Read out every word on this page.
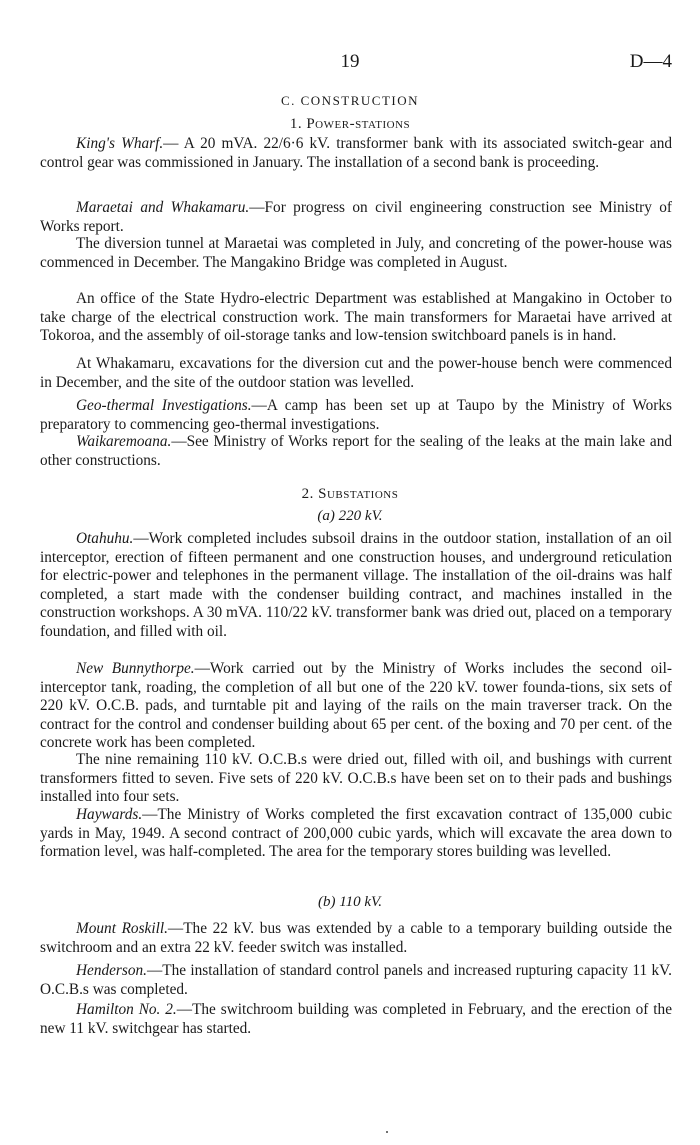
19	D—4
C. CONSTRUCTION
1. Power-stations

King's Wharf.— A 20 mVA. 22/6·6 kV. transformer bank with its associated switch-gear and control gear was commissioned in January. The installation of a second bank is proceeding.

Maraetai and Whakamaru.—For progress on civil engineering construction see Ministry of Works report.

The diversion tunnel at Maraetai was completed in July, and concreting of the power-house was commenced in December. The Mangakino Bridge was completed in August.

An office of the State Hydro-electric Department was established at Mangakino in October to take charge of the electrical construction work. The main transformers for Maraetai have arrived at Tokoroa, and the assembly of oil-storage tanks and low-tension switchboard panels is in hand.

At Whakamaru, excavations for the diversion cut and the power-house bench were commenced in December, and the site of the outdoor station was levelled.

Geo-thermal Investigations.—A camp has been set up at Taupo by the Ministry of Works preparatory to commencing geo-thermal investigations.

Waikaremoana.—See Ministry of Works report for the sealing of the leaks at the main lake and other constructions.

2. Substations
(a) 220 kV.

Otahuhu.—Work completed includes subsoil drains in the outdoor station, installation of an oil interceptor, erection of fifteen permanent and one construction houses, and underground reticulation for electric-power and telephones in the permanent village. The installation of the oil-drains was half completed, a start made with the condenser building contract, and machines installed in the construction workshops. A 30 mVA. 110/22 kV. transformer bank was dried out, placed on a temporary foundation, and filled with oil.

New Bunnythorpe.—Work carried out by the Ministry of Works includes the second oil-interceptor tank, roading, the completion of all but one of the 220 kV. tower founda-tions, six sets of 220 kV. O.C.B. pads, and turntable pit and laying of the rails on the main traverser track. On the contract for the control and condenser building about 65 per cent. of the boxing and 70 per cent. of the concrete work has been completed.

The nine remaining 110 kV. O.C.B.s were dried out, filled with oil, and bushings with current transformers fitted to seven. Five sets of 220 kV. O.C.B.s have been set on to their pads and bushings installed into four sets.

Haywards.—The Ministry of Works completed the first excavation contract of 135,000 cubic yards in May, 1949. A second contract of 200,000 cubic yards, which will excavate the area down to formation level, was half-completed. The area for the temporary stores building was levelled.

(b) 110 kV.

Mount Roskill.—The 22 kV. bus was extended by a cable to a temporary building outside the switchroom and an extra 22 kV. feeder switch was installed.

Henderson.—The installation of standard control panels and increased rupturing capacity 11 kV. O.C.B.s was completed.

Hamilton No. 2.—The switchroom building was completed in February, and the erection of the new 11 kV. switchgear has started.
